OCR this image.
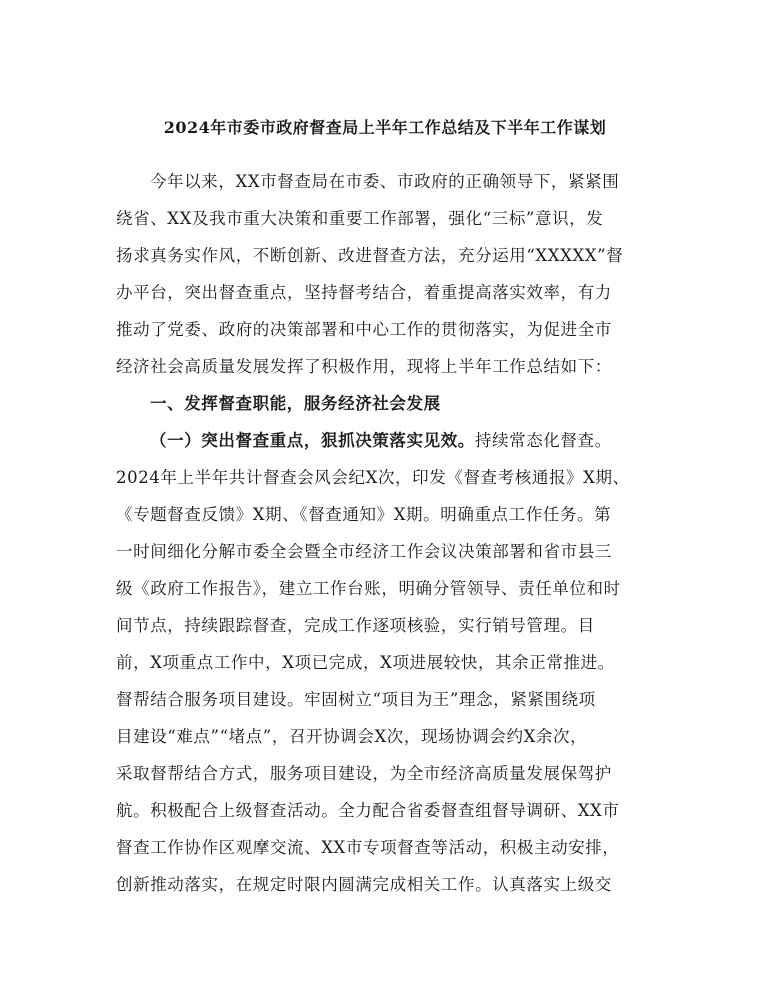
2024年市委市政府督查局上半年工作总结及下半年工作谋划
今年以来，XX市督查局在市委、市政府的正确领导下，紧紧围
绕省、XX及我市重大决策和重要工作部署，强化“三标”意识，发
扬求真务实作风，不断创新、改进督查方法，充分运用“XXXXX”督
办平台，突出督查重点，坚持督考结合，着重提高落实效率，有力
推动了党委、政府的决策部署和中心工作的贯彻落实，为促进全市
经济社会高质量发展发挥了积极作用，现将上半年工作总结如下：
一、发挥督查职能，服务经济社会发展
（一）突出督查重点，狠抓决策落实见效。持续常态化督查。
2024年上半年共计督查会风会纪X次，印发《督查考核通报》X期、
《专题督查反馈》X期、《督查通知》X期。明确重点工作任务。第
一时间细化分解市委全会暨全市经济工作会议决策部署和省市县三
级《政府工作报告》，建立工作台账，明确分管领导、责任单位和时
间节点，持续跟踪督查，完成工作逐项核验，实行销号管理。目
前，X项重点工作中，X项已完成，X项进展较快，其余正常推进。
督帮结合服务项目建设。牢固树立“项目为王”理念，紧紧围绕项
目建设“难点”“堵点”，召开协调会X次，现场协调会约X余次，
采取督帮结合方式，服务项目建设，为全市经济高质量发展保驾护
航。积极配合上级督查活动。全力配合省委督查组督导调研、XX市
督查工作协作区观摩交流、XX市专项督查等活动，积极主动安排，
创新推动落实，在规定时限内圆满完成相关工作。认真落实上级交
